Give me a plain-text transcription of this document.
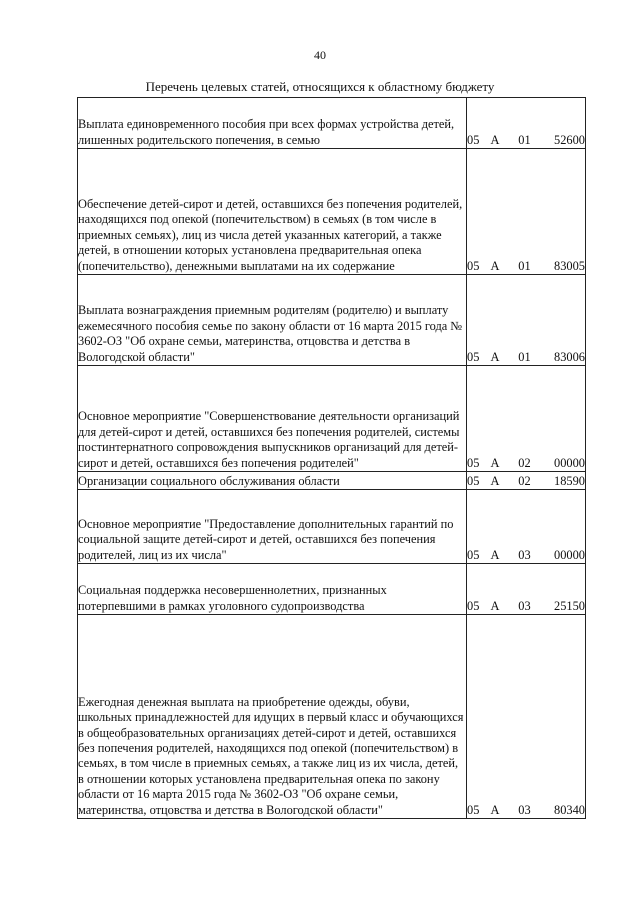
40
Перечень целевых статей, относящихся к областному бюджету
Выплата единовременного пособия при всех формах устройства детей, лишенных родительского попечения, в семью	05	А	01	52600

Обеспечение детей-сирот и детей, оставшихся без попечения родителей, находящихся под опекой (попечительством) в семьях (в том числе в приемных семьях), лиц из числа детей указанных категорий, а также детей, в отношении которых установлена предварительная опека (попечительство), денежными выплатами на их содержание	05	А	01	83005

Выплата вознаграждения приемным родителям (родителю) и выплату ежемесячного пособия семье по закону области от 16 марта 2015 года № 3602-ОЗ "Об охране семьи, материнства, отцовства и детства в Вологодской области"	05	А	01	83006

Основное мероприятие "Совершенствование деятельности организаций для детей-сирот и детей, оставшихся без попечения родителей, системы постинтернатного сопровождения выпускников организаций для детей-сирот и детей, оставшихся без попечения родителей"	05	А	02	00000

Организации социального обслуживания области	05	А	02	18590

Основное мероприятие "Предоставление дополнительных гарантий по социальной защите детей-сирот и детей, оставшихся без попечения родителей, лиц из их числа"	05	А	03	00000

Социальная поддержка несовершеннолетних, признанных потерпевшими в рамках уголовного судопроизводства	05	А	03	25150

Ежегодная денежная выплата на приобретение одежды, обуви, школьных принадлежностей для идущих в первый класс и обучающихся в общеобразовательных организациях детей-сирот и детей, оставшихся без попечения родителей, находящихся под опекой (попечительством) в семьях, в том числе в приемных семьях, а также лиц из их числа, детей, в отношении которых установлена предварительная опека по закону области от 16 марта 2015 года № 3602-ОЗ "Об охране семьи, материнства, отцовства и детства в Вологодской области"	05	А	03	80340
